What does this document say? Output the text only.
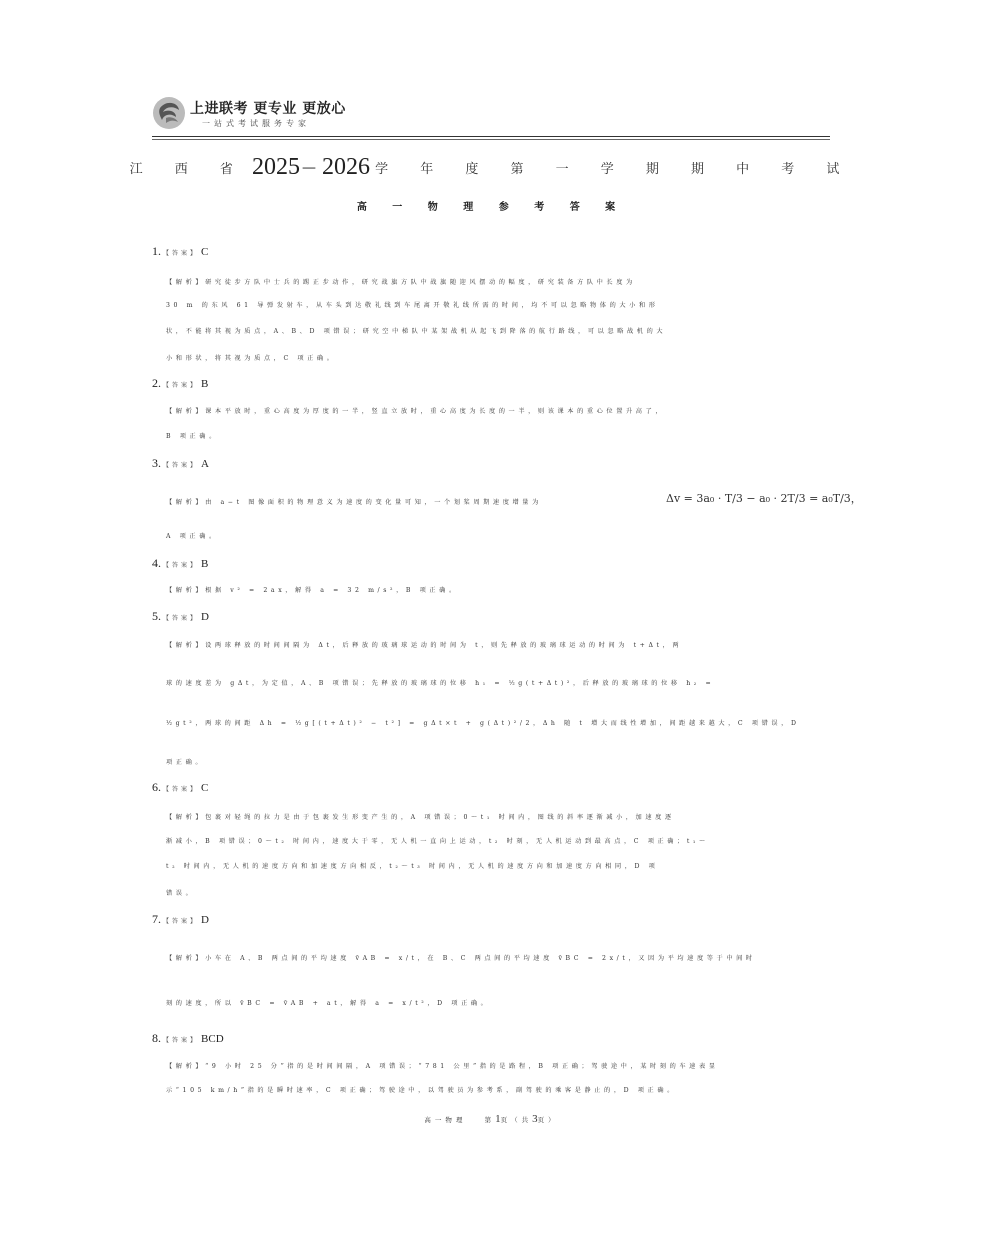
上进联考 更专业 更放心
一站式考试服务专家
江 西 省 2025 — 2026 学 年 度 第 一 学 期 期 中 考 试
高 一 物 理 参 考 答 案
1. 【答案】 C
【解析】研究徒步方队中士兵的踢正步动作，研究战旗方队中战旗随迎风摆动的幅度，研究装备方队中长度为
30 m 的东风 61 导弹发射车，从车头到达敬礼线到车尾离开敬礼线所需的时间，均不可以忽略物体的大小和形
状，不能将其视为质点，A、B、D 项错误；研究空中梯队中某架战机从起飞到降落的航行路线，可以忽略战机的大
小和形状，将其视为质点，C 项正确。
2. 【答案】 B
【解析】课本平放时，重心高度为厚度的一半，竖直立放时，重心高度为长度的一半，则该课本的重心位置升高了，
B 项正确。
3. 【答案】 A
【解析】由 a−t 图像面积的物理意义为速度的变化量可知，一个划桨周期速度增量为	Δv = 3a₀ · T/3 − a₀ · 2T/3 = a₀T/3，
A 项正确。
4. 【答案】 B
【解析】根据 v² = 2ax，解得 a = 32 m/s²，B 项正确。
5. 【答案】 D
【解析】设两球释放的时间间隔为 Δt，后释放的玻璃球运动的时间为 t，则先释放的玻璃球运动的时间为 t+Δt，两
球的速度差为 gΔt，为定值，A、B 项错误；先释放的玻璃球的位移 h₁ = ½g(t+Δt)²，后释放的玻璃球的位移 h₂ =
½gt²，两球的间距 Δh = ½g[(t+Δt)² − t²] = gΔt×t + g(Δt)²/2，Δh 随 t 增大而线性增加，间距越来越大，C 项错误，D
项正确。
6. 【答案】 C
【解析】包裹对轻绳的拉力是由于包裹发生形变产生的，A 项错误；0～t₁ 时间内，图线的斜率逐渐减小，加速度逐
渐减小，B 项错误；0～t₂ 时间内，速度大于零，无人机一直向上运动，t₂ 时刻，无人机运动到最高点，C 项正确；t₁～
t₂ 时间内，无人机的速度方向和加速度方向相反，t₂～t₃ 时间内，无人机的速度方向和加速度方向相同，D 项
错误。
7. 【答案】 D
【解析】小车在 A、B 两点间的平均速度 v̄AB = x/t，在 B、C 两点间的平均速度 v̄BC = 2x/t，又因为平均速度等于中间时
刻的速度，所以 v̄BC = v̄AB + at，解得 a = x/t²，D 项正确。
8. 【答案】 BCD
【解析】“9 小时 25 分”指的是时间间隔，A 项错误；“781 公里”指的是路程，B 项正确；驾驶途中，某时刻的车速表显
示“105 km/h”指的是瞬时速率，C 项正确；驾驶途中，以驾驶员为参考系，副驾驶的乘客是静止的，D 项正确。
高一物理	第1页（共3页）
